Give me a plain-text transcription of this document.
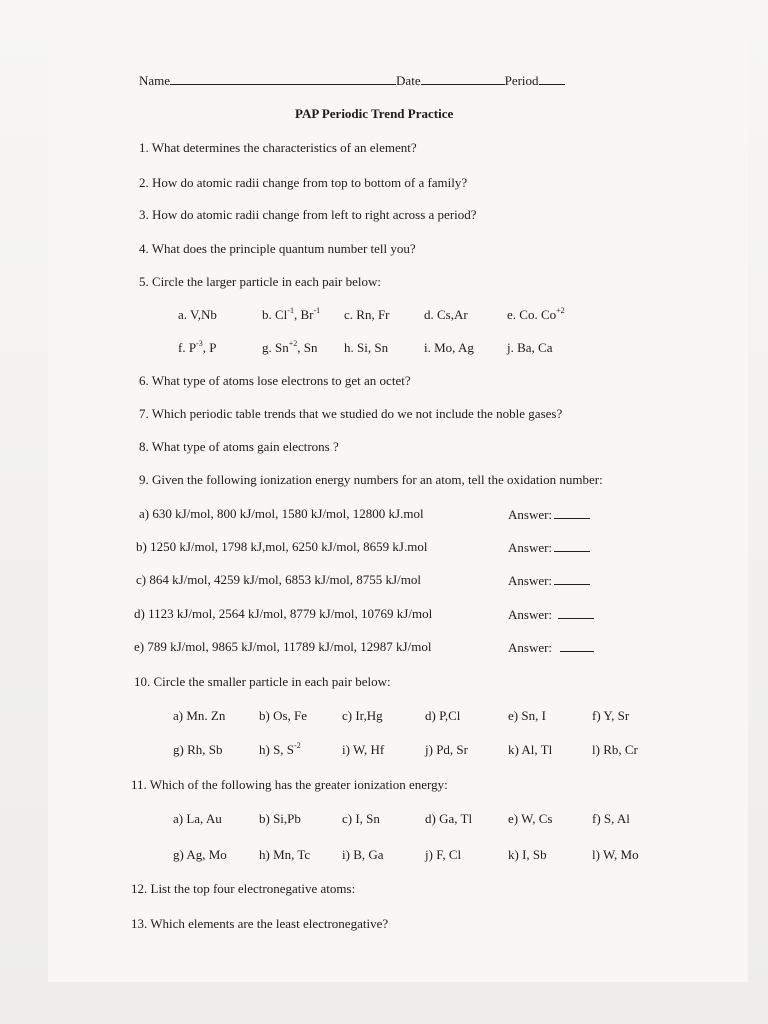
Name	Date	Period
PAP Periodic Trend Practice
1. What determines the characteristics of an element?
2. How do atomic radii change from top to bottom of a family?
3. How do atomic radii change from left to right across a period?
4. What does the principle quantum number tell you?
5. Circle the larger particle in each pair below:
a. V,Nb	b. $Cl^{-1}$, $Br^{-1}$ c. Rn, Fr	d. Cs,Ar	e. Co. $Co^{+2}$
f. $P^{-3}$, P	g. $Sn^{+2}$, Sn h. Si, Sn	i. Mo, Ag	j. Ba, Ca
6. What type of atoms lose electrons to get an octet?
7. Which periodic table trends that we studied do we not include the noble gases?
8. What type of atoms gain electrons ?
9. Given the following ionization energy numbers for an atom, tell the oxidation number:
a) 630 kJ/mol, 800 kJ/mol, 1580 kJ/mol, 12800 kJ.mol	Answer:
b) 1250 kJ/mol, 1798 kJ,mol, 6250 kJ/mol, 8659 kJ.mol	Answer:
c) 864 kJ/mol, 4259 kJ/mol, 6853 kJ/mol, 8755 kJ/mol	Answer:
d) 1123 kJ/mol, 2564 kJ/mol, 8779 kJ/mol, 10769 kJ/mol	Answer:
e) 789 kJ/mol, 9865 kJ/mol, 11789 kJ/mol, 12987 kJ/mol	Answer:
10. Circle the smaller particle in each pair below:
a) Mn. Zn	b) Os, Fe	c) Ir,Hg	d) P,Cl	e) Sn, I	f) Y, Sr
g) Rh, Sb	h) S, $S^{-2}$	i) W, Hf	j) Pd, Sr	k) Al, Tl	l) Rb, Cr
11. Which of the following has the greater ionization energy:
a) La, Au	b) Si,Pb	c) I, Sn	d) Ga, Tl	e) W, Cs	f) S, Al
g) Ag, Mo h) Mn, Tc i) B, Ga	j) F, Cl	k) I, Sb	l) W, Mo
12. List the top four electronegative atoms:
13. Which elements are the least electronegative?
